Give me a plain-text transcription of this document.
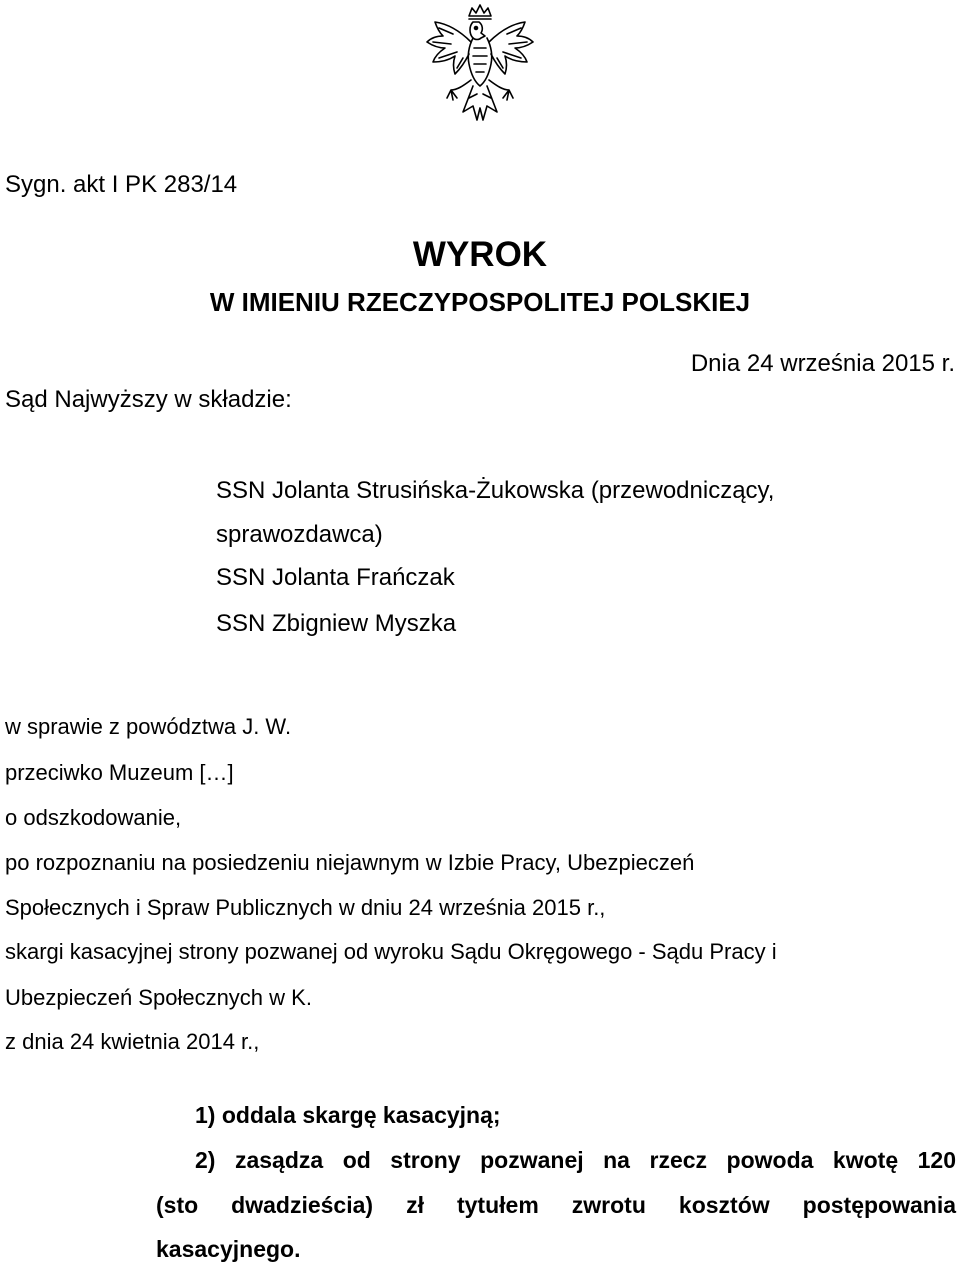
Sygn. akt I PK 283/14
WYROK
W IMIENIU RZECZYPOSPOLITEJ POLSKIEJ
Dnia 24 września 2015 r.
Sąd Najwyższy w składzie:
SSN Jolanta Strusińska-Żukowska (przewodniczący,
sprawozdawca)
SSN Jolanta Frańczak
SSN Zbigniew Myszka
w sprawie z powództwa J. W.
przeciwko Muzeum […]
o odszkodowanie,
po rozpoznaniu na posiedzeniu niejawnym w Izbie Pracy, Ubezpieczeń
Społecznych i Spraw Publicznych w dniu 24 września 2015 r.,
skargi kasacyjnej strony pozwanej od wyroku Sądu Okręgowego - Sądu Pracy i
Ubezpieczeń Społecznych w K.
z dnia 24 kwietnia 2014 r.,
1) oddala skargę kasacyjną;
2) zasądza od strony pozwanej na rzecz powoda kwotę 120
(sto dwadzieścia) zł tytułem zwrotu kosztów postępowania
kasacyjnego.
